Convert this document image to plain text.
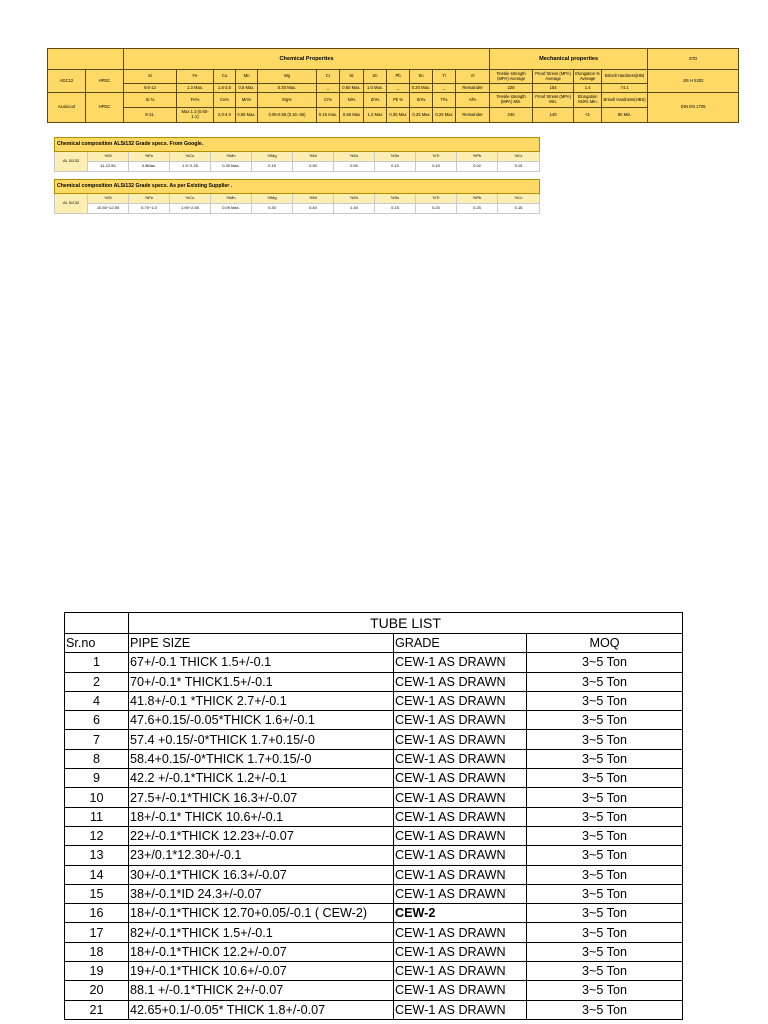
		Chemical Properties												Mechanical properties				STD
ADC12	HPDC	Si	Fe	Cu	Mn	Mg	Cr	Ni	Zn	Pb	Sn	Ti	Al	Tensile strength (MPA) Average	Proof Stress (MPA) Average	Elongation % Average	Brinell Hardness(HB)	JIS H 5302
		9.6-12	1.3 Max.	1.5-3.5	0.5 Max.	0.30 Max.	_	0.50 Max.	1.0 Max.	_	0.20 Max.	_	Remainder	228	154	1.4	74.1	
ALsiocu3	HPDC	Si %	Fe%	Cu%	Mn%	Mg%	Cr%	Ni%	Zn%	Pb %	Sn%	Ti%	Al%	Tensile strength (MPA) Min.	Proof Stress (MPA) Min.	Elongation A50% Min.	Brinell Hardness(HBS)	DIN EN 1706
		8-11.	Max 1.3 (0.60-1.1)	2.0-4.0	0.55 Max.	0.05-0.55 (0.15-.55)	0.15 max.	0.55 Max	1.2 Max	0.35 Max	0.25 Max	0.25 Max	Remainder	240	140	<1	80 Min.	
Chemical composition ALSi132 Grade specs. From Google.											
AL Si132	%Si	%Fe	%Cu	%Mn	%Mg	%Ni	%Zn	%Sn	%Ti	%Pb	%Cr
	11-12.50	0.8Max.	1.5~2.25	0.30 Max.	0.15	0.30	0.90	0.10	0.10	0.02	0.15
Chemical composition ALSi132 Grade specs. As per Existing Supplier .											
AL Si132	%Si	%Fe	%Cu	%Mn	%Mg	%Ni	%Zn	%Sn	%Ti	%Pb	%Cr
	10.50~12.50	0.70~1.0	1.90~2.50	0.09 Max.	0.30	0.40	1.40	0.15	0.20	0.25	0.15
	TUBE LIST		
Sr.no	PIPE SIZE	GRADE	MOQ
1	67+/-0.1 THICK 1.5+/-0.1	CEW-1 AS DRAWN	3~5 Ton
2	70+/-0.1* THICK1.5+/-0.1	CEW-1 AS DRAWN	3~5 Ton
4	41.8+/-0.1 *THICK 2.7+/-0.1	CEW-1 AS DRAWN	3~5 Ton
6	47.6+0.15/-0.05*THICK 1.6+/-0.1	CEW-1 AS DRAWN	3~5 Ton
7	57.4 +0.15/-0*THICK 1.7+0.15/-0	CEW-1 AS DRAWN	3~5 Ton
8	58.4+0.15/-0*THICK 1.7+0.15/-0	CEW-1 AS DRAWN	3~5 Ton
9	42.2 +/-0.1*THICK 1.2+/-0.1	CEW-1 AS DRAWN	3~5 Ton
10	27.5+/-0.1*THICK 16.3+/-0.07	CEW-1 AS DRAWN	3~5 Ton
11	18+/-0.1* THICK 10.6+/-0.1	CEW-1 AS DRAWN	3~5 Ton
12	22+/-0.1*THICK 12.23+/-0.07	CEW-1 AS DRAWN	3~5 Ton
13	23+/0.1*12.30+/-0.1	CEW-1 AS DRAWN	3~5 Ton
14	30+/-0.1*THICK 16.3+/-0.07	CEW-1 AS DRAWN	3~5 Ton
15	38+/-0.1*ID 24.3+/-0.07	CEW-1 AS DRAWN	3~5 Ton
16	18+/-0.1*THICK 12.70+0.05/-0.1 ( CEW-2)	CEW-2	3~5 Ton
17	82+/-0.1*THICK 1.5+/-0.1	CEW-1 AS DRAWN	3~5 Ton
18	18+/-0.1*THICK 12.2+/-0.07	CEW-1 AS DRAWN	3~5 Ton
19	19+/-0.1*THICK 10.6+/-0.07	CEW-1 AS DRAWN	3~5 Ton
20	88.1 +/-0.1*THICK 2+/-0.07	CEW-1 AS DRAWN	3~5 Ton
21	42.65+0.1/-0.05* THICK 1.8+/-0.07	CEW-1 AS DRAWN	3~5 Ton
